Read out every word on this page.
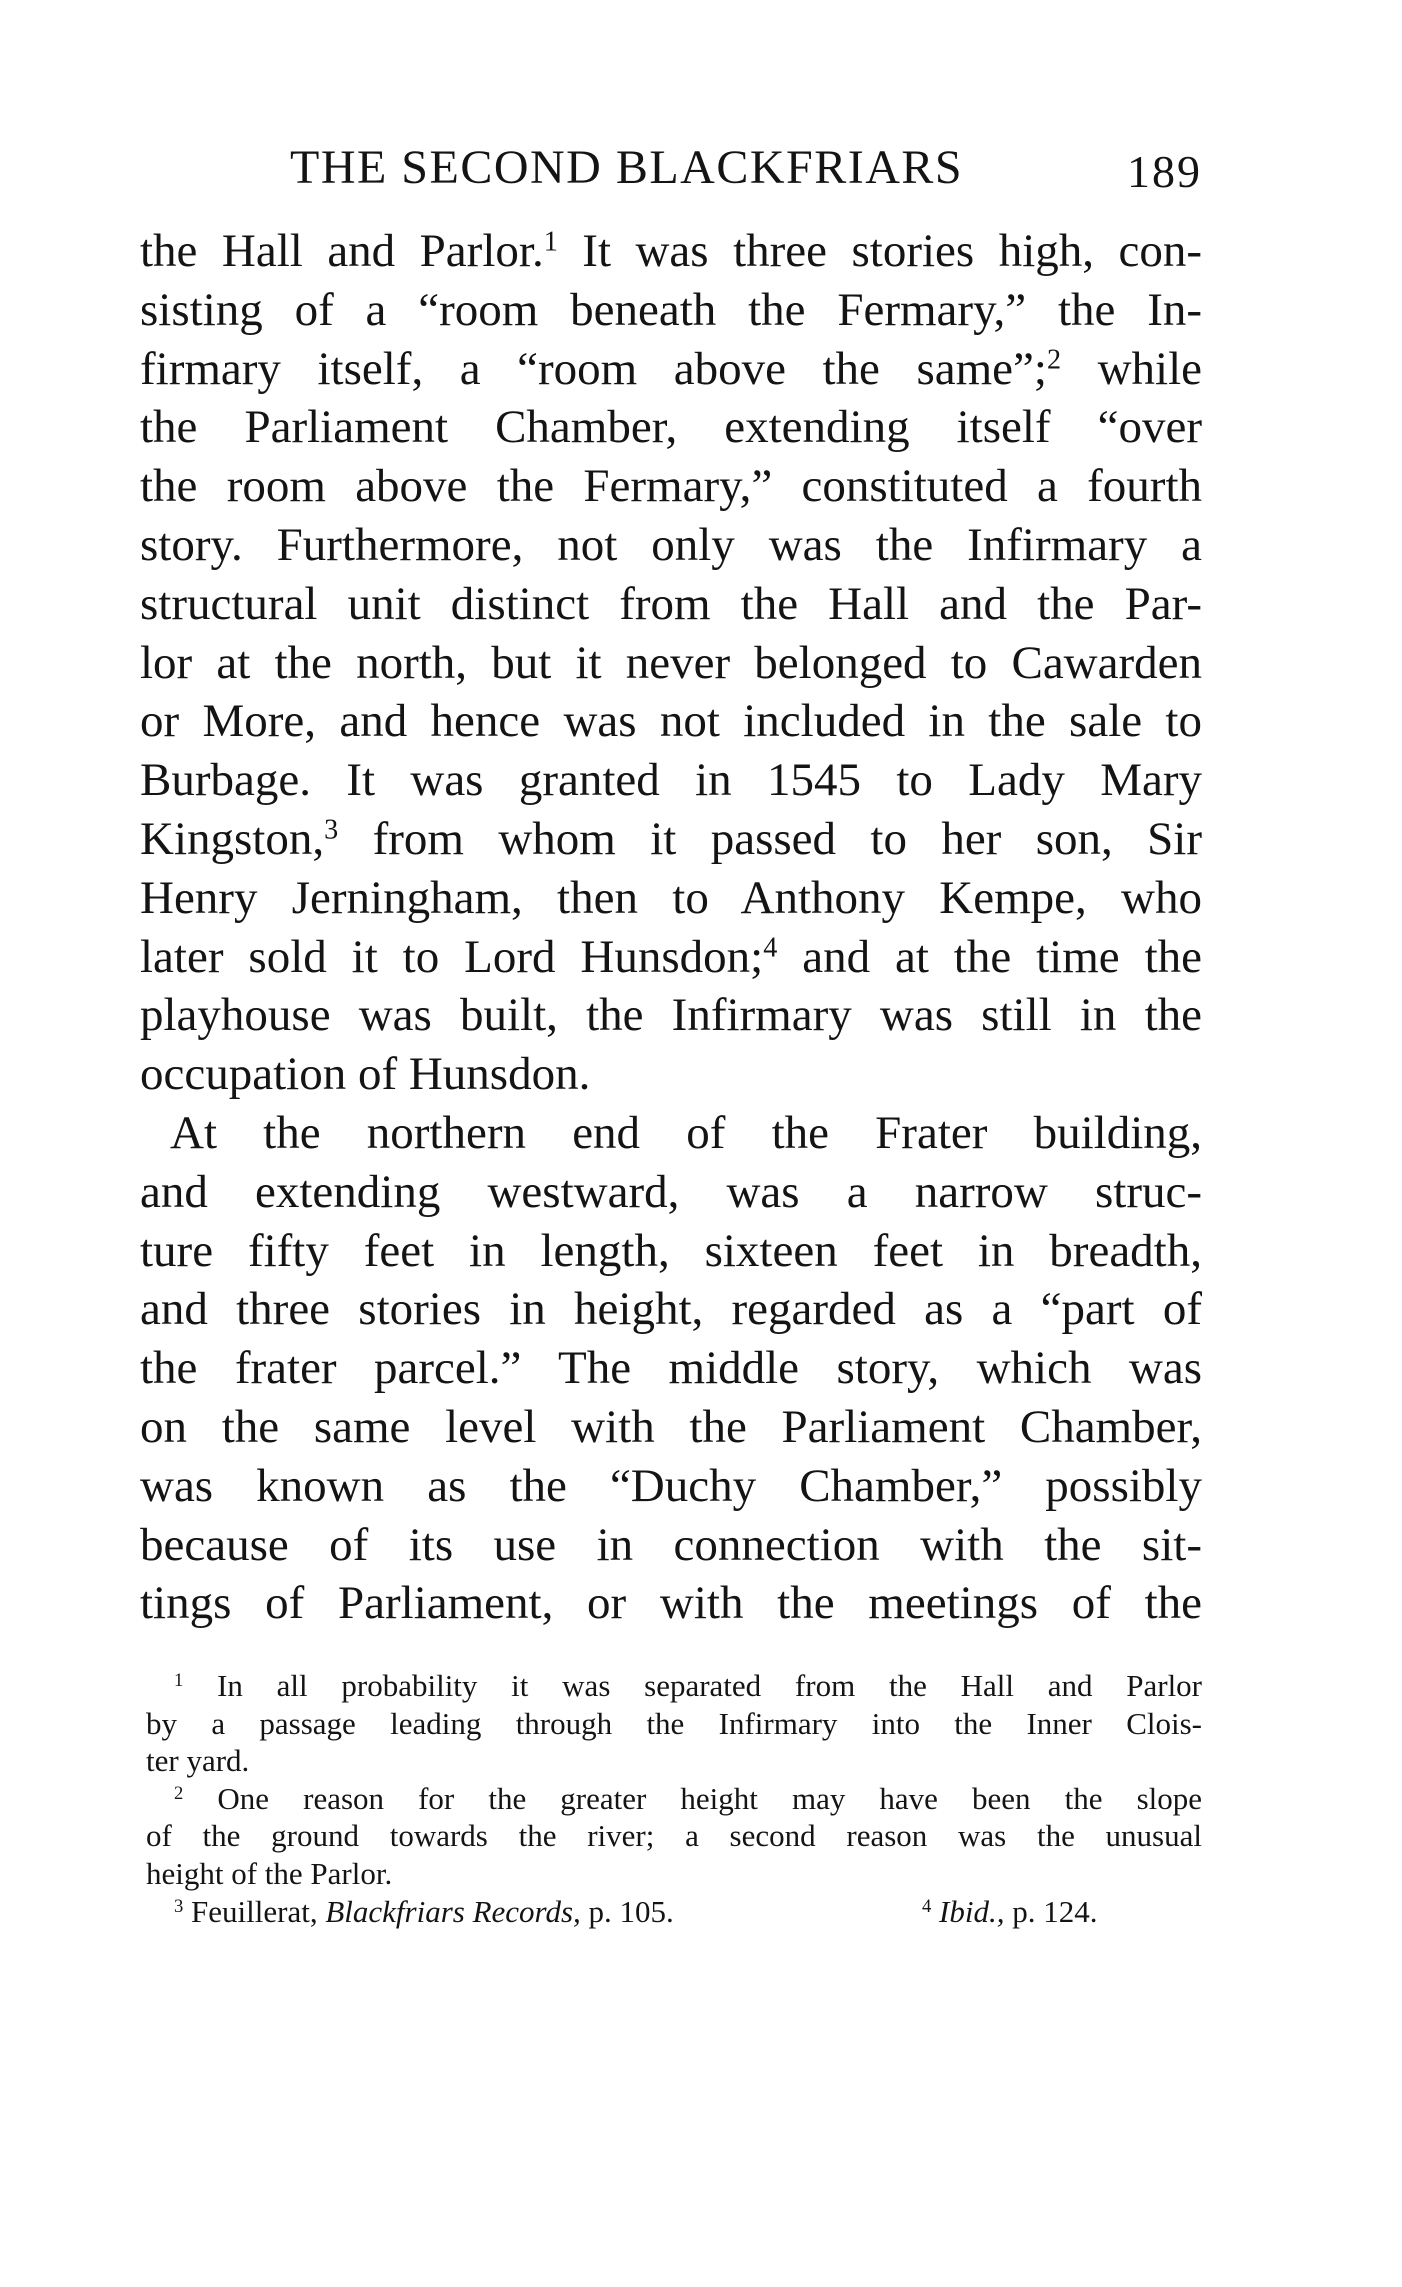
THE SECOND BLACKFRIARS	189
the Hall and Parlor.$^1$ It was three stories high, con-
sisting of a “room beneath the Fermary,” the In-
firmary itself, a “room above the same”;$^2$ while
the Parliament Chamber, extending itself “over
the room above the Fermary,” constituted a fourth
story. Furthermore, not only was the Infirmary a
structural unit distinct from the Hall and the Par-
lor at the north, but it never belonged to Cawarden
or More, and hence was not included in the sale to
Burbage. It was granted in 1545 to Lady Mary
Kingston,$^3$ from whom it passed to her son, Sir
Henry Jerningham, then to Anthony Kempe, who
later sold it to Lord Hunsdon;$^4$ and at the time the
playhouse was built, the Infirmary was still in the
occupation of Hunsdon.
At the northern end of the Frater building,
and extending westward, was a narrow struc-
ture fifty feet in length, sixteen feet in breadth,
and three stories in height, regarded as a “part of
the frater parcel.” The middle story, which was
on the same level with the Parliament Chamber,
was known as the “Duchy Chamber,” possibly
because of its use in connection with the sit-
tings of Parliament, or with the meetings of the
$^1$ In all probability it was separated from the Hall and Parlor
by a passage leading through the Infirmary into the Inner Clois-
ter yard.
$^2$ One reason for the greater height may have been the slope
of the ground towards the river; a second reason was the unusual
height of the Parlor.
$^3$ Feuillerat, Blackfriars Records, p. 105.	$^4$ Ibid., p. 124.
